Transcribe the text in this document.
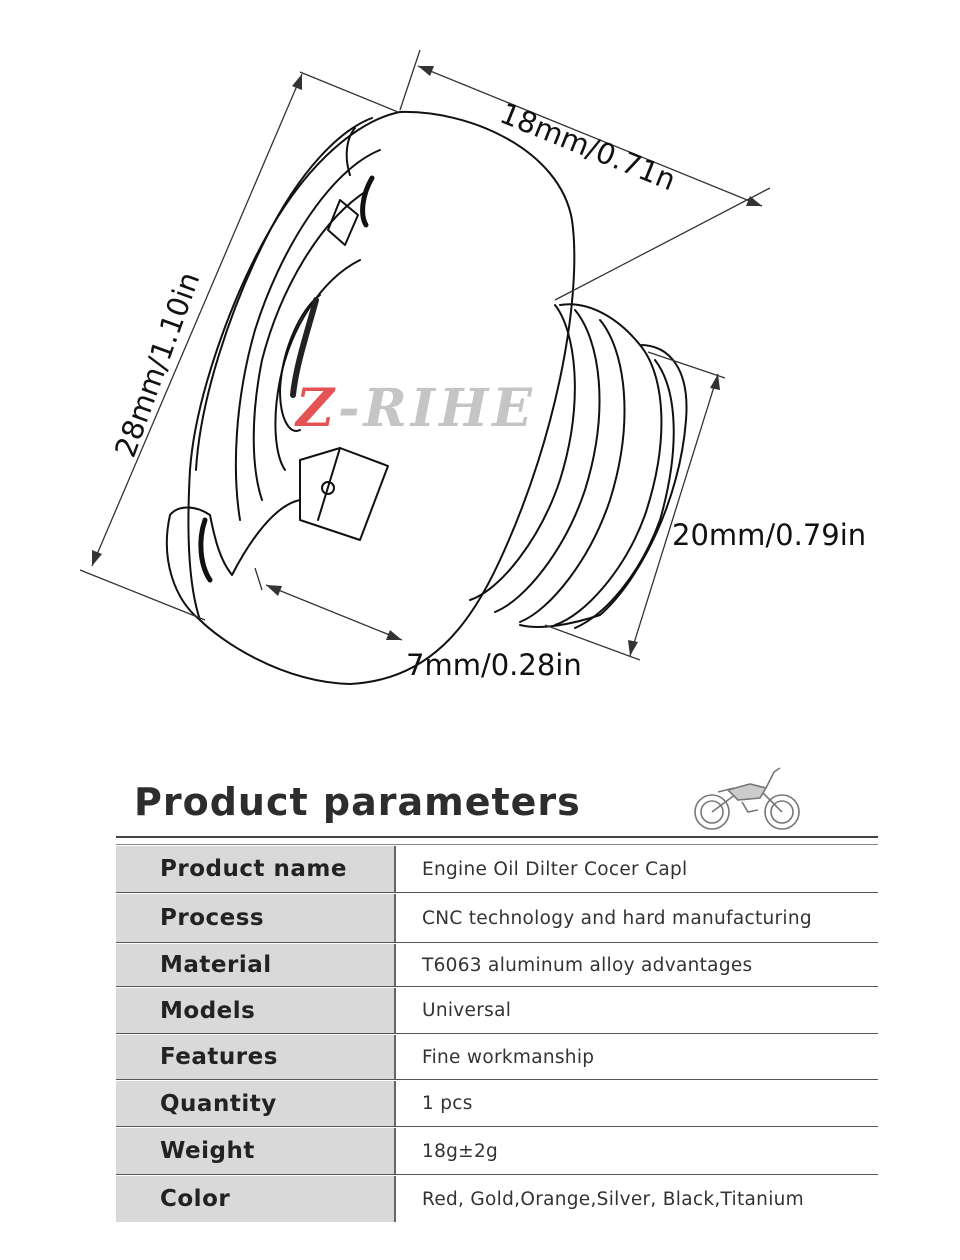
Z-RIHE
18mm/0.71n
28mm/1.10in
20mm/0.79in
7mm/0.28in
Product parameters
Product name	Engine Oil Dilter Cocer Capl
Process	CNC technology and hard manufacturing
Material	T6063 aluminum alloy advantages
Models	Universal
Features	Fine workmanship
Quantity	1 pcs
Weight	18g±2g
Color	Red, Gold,Orange,Silver, Black,Titanium
